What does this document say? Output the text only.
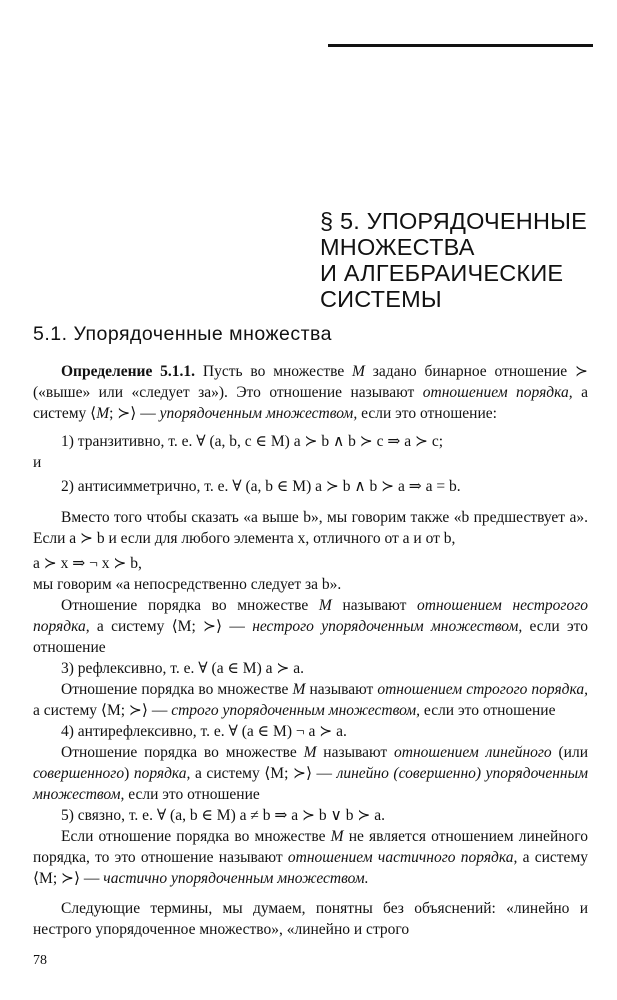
§ 5. УПОРЯДОЧЕННЫЕ
МНОЖЕСТВА
И АЛГЕБРАИЧЕСКИЕ
СИСТЕМЫ
5.1. Упорядоченные множества

Определение 5.1.1. Пусть во множестве M задано бинарное отношение ≻ («выше» или «следует за»). Это отношение называют отношением порядка, а систему ⟨M; ≻⟩ — упорядоченным множеством, если это отношение:

1) транзитивно, т. е. ∀ (a, b, c ∈ M) a ≻ b ∧ b ≻ c ⇒ a ≻ c;

и

2) антисимметрично, т. е. ∀ (a, b ∈ M) a ≻ b ∧ b ≻ a ⇒ a = b.

Вместо того чтобы сказать «a выше b», мы говорим также «b предшествует a». Если a ≻ b и если для любого элемента x, отличного от a и от b,

a ≻ x ⇒ ¬ x ≻ b,

мы говорим «a непосредственно следует за b».

Отношение порядка во множестве M называют отношением нестрогого порядка, а систему ⟨M; ≻⟩ — нестрого упорядоченным множеством, если это отношение

3) рефлексивно, т. е. ∀ (a ∈ M) a ≻ a.

Отношение порядка во множестве M называют отношением строгого порядка, а систему ⟨M; ≻⟩ — строго упорядоченным множеством, если это отношение

4) антирефлексивно, т. е. ∀ (a ∈ M) ¬ a ≻ a.

Отношение порядка во множестве M называют отношением линейного (или совершенного) порядка, а систему ⟨M; ≻⟩ — линейно (совершенно) упорядоченным множеством, если это отношение

5) связно, т. е. ∀ (a, b ∈ M) a ≠ b ⇒ a ≻ b ∨ b ≻ a.

Если отношение порядка во множестве M не является отношением линейного порядка, то это отношение называют отношением частичного порядка, а систему ⟨M; ≻⟩ — частично упорядоченным множеством.

Следующие термины, мы думаем, понятны без объяснений: «линейно и нестрого упорядоченное множество», «линейно и строго

78
